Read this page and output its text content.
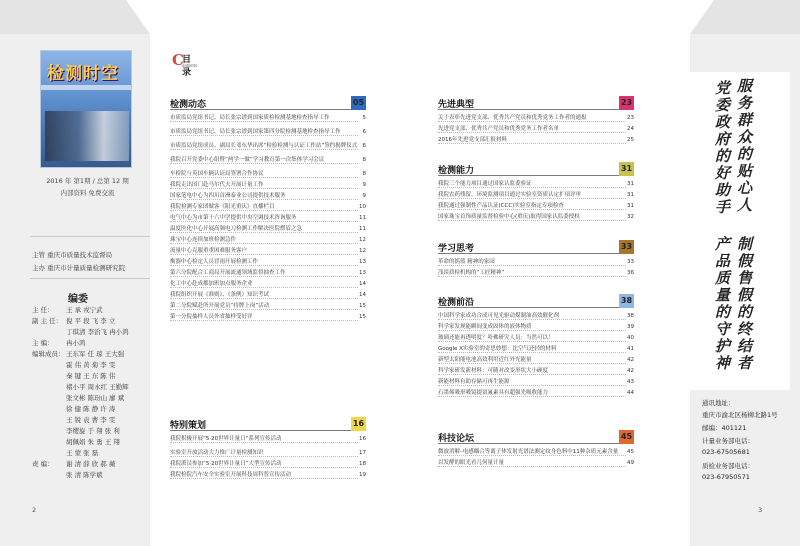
检测时空
2016 年 第1期 / 总第 12 期
内部资料 免费交流
主管 重庆市质量技术监督局
主办 重庆市计量质量检测研究院
编委
主 任： 王 承 戎宁武
副 主 任： 倪 平 段 飞 李 立
丁琪清 李治飞 冉小鸿
主 编： 冉小鸿
编辑成员： 王东军 任 琼 王大强
霍 伟 黄 菊 李 雯
秦 键 王 东 陈 伟
褚小平 周永红 王勤辉
张文彬 陈玢山 廖 斌
徐 健 陈 静 许 涛
王 锐 袁 曹 李 雯
李缨旋 于 翔 张 利
胡佩娟 朱 勇 王 翔
王 蒙 张 磊
责 编： 谢 清 薛 欣 郝 薇
张 清 陈学斌
2
C
目录
ontents
检测动态	05
市质监局党组书记、局长张宗谱到国家质检检测基地检查指导工作	5
市质监局党组书记、局长张宗谱到国家第四分院检测基地检查指导工作	6
市质监局党组成员、副局长邓东华出席“检验检测与认证工作站”签约揭牌仪式 6
我院召开党委中心组暨“两学一做”学习教育第一次集体学习会议	8
车检院与英国车辆认证局签署合作协议	8
我院走出国门赴马尔代夫开展计量工作	9
国家笔电中心为四川首洲泰业公司提供技术服务	9
我院检测专家团做客《阳光重庆》直播栏目	10
电气中心为市第十六中学提供中央空调技术咨询服务	11
温度医化中心开展高频电刀检测工作解决医院燃眉之急	11
珠宝中心连续加班检测急件	12
流量中心克服重重困难服务客户	12
衡器中心检定人员冒雨开展检测工作	13
第六分院配合工商局开展流通领域监督抽查工作	13
化工中心赴成都加班加点服务企业	14
我院组织开展《准则》、《条例》知识考试	14
第二分院赋赴所开展党员“持牌上岗”活动	15
第一分院抽样人员外省抽样受好评	15
特别策划	16
我院积极开展“5·20世界计量日”系列宣传活动	16
实验室开放活动大力推广计量检测知识	17
我院派员参加“5·20世界计量日”大型宣传活动	18
我院检院汽车安全实验室开展科技周科普宣传活动	19
先进典型	23
关于表彰先进党支部、优秀共产党员和优秀党务工作者的通报	23
先进党支部、优秀共产党员和优秀党务工作者名单	24
2016年先进党支部汇报材料	25
检测能力	31
我院三个能力项目通过国家认监委验证	31
我院农药残留、环境监测项目通过实验室资质认定扩项评审	31
我院通过强制性产品认证(CCC)实验室指定专项检查	31
国家珠宝首饰质量监督检验中心(重庆)取得国家认监委授权	32
学习思考	33
革命的摇篮 精神的家园	33
浅谈质检机构的“工匠精神”	36
检测前沿	38
中国科学家成功合成可见光驱动煤制油高效催化剂	38
科学家发现能瞬间变成固体的液体物质	39
玻璃还能再透明度？哈佛研究人员：当然可以！	40
Google X实验室的奇思妙想：比空气还轻的材料	41
新型太阳能电池高效利用近红外光能量	42
科学家研发新材料：可随对改变形状大小硬度	42
新能材料有助存储可再生能源	43
石墨烯吸形吸镜提氨氟素具有超强光吸收能力	44
科技论坛	45
微波消解–电感耦合等离子体发射光谱法测定纹身色料中11种杂质元素含量 45
以发酵的眼光看几何量计量	49
服务群众的贴心人
党委政府的好助手
制假售假的终结者
产品质量的守护神
通讯地址：
重庆市渝北区杨柳北路1号
邮编：401121
计量业务部电话：
023-67505681
质检业务部电话：
023-67950571
3
